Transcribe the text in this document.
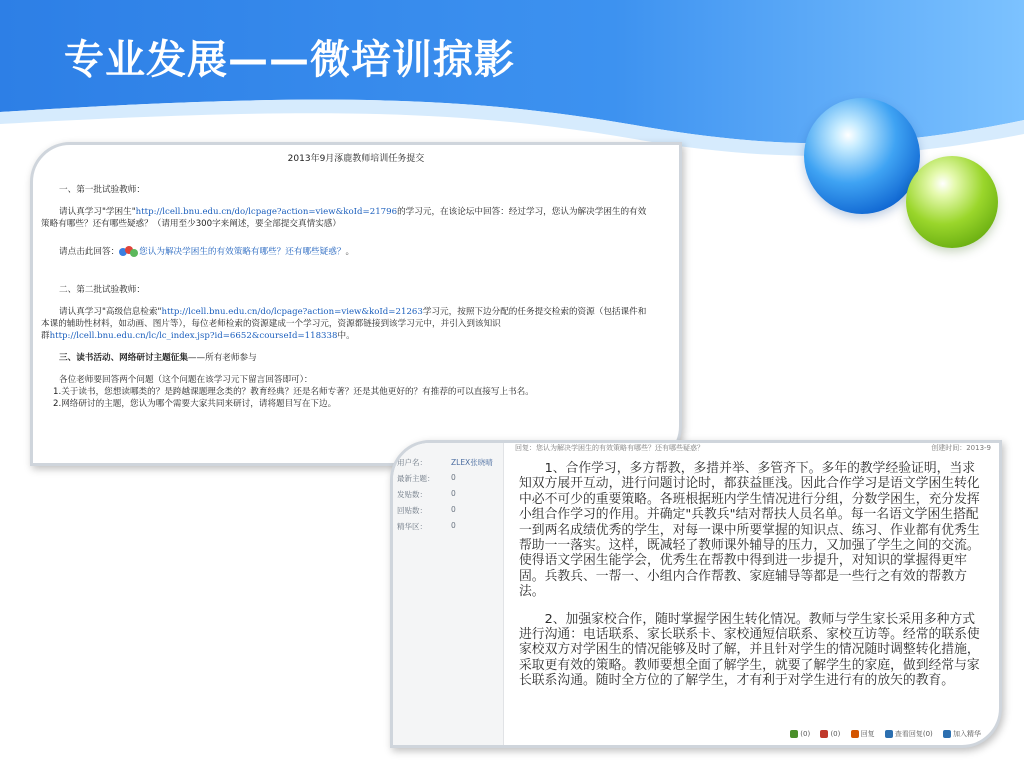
专业发展——微培训掠影
2013年9月涿鹿教师培训任务提交

一、第一批试验教师：

请认真学习"学困生"http://lcell.bnu.edu.cn/do/lcpage?action=view&koId=21796的学习元，在该论坛中回答：经过学习，您认为解决学困生的有效

策略有哪些？还有哪些疑惑？（请用至少300字来阐述，要全部提交真情实感）

请点击此回答： 您认为解决学困生的有效策略有哪些？还有哪些疑惑？。

二、第二批试验教师：

请认真学习"高级信息检索"http://lcell.bnu.edu.cn/do/lcpage?action=view&koId=21263学习元，按照下边分配的任务提交检索的资源（包括课件和

本课的辅助性材料，如动画、图片等），每位老师检索的资源建成一个学习元，资源都链接到该学习元中，并引入到该知识

群http://lcell.bnu.edu.cn/lc/lc_index.jsp?id=6652&courseId=118338中。

三、读书活动、网络研讨主题征集——所有老师参与

各位老师要回答两个问题（这个问题在该学习元下留言回答即可）：

1.关于读书，您想读哪类的？是跨越课题理念类的？教育经典？还是名师专著？还是其他更好的？有推荐的可以直接写上书名。

2.网络研讨的主题，您认为哪个需要大家共同来研讨，请将题目写在下边。

用户名：	ZLEX张晓晴
最新主题： 0
发贴数：	0
回贴数：	0
精华区：	0
回复：您认为解决学困生的有效策略有哪些？还有哪些疑惑？	创建时间：2013-9

1、合作学习，多方帮教，多措并举、多管齐下。多年的教学经验证明，当求知双方展开互动，进行问题讨论时，都获益匪浅。因此合作学习是语文学困生转化中必不可少的重要策略。各班根据班内学生情况进行分组，分数学困生，充分发挥小组合作学习的作用。并确定"兵教兵"结对帮扶人员名单。每一名语文学困生搭配一到两名成绩优秀的学生，对每一课中所要掌握的知识点、练习、作业都有优秀生帮助一一落实。这样，既减轻了教师课外辅导的压力，又加强了学生之间的交流。使得语文学困生能学会，优秀生在帮教中得到进一步提升，对知识的掌握得更牢固。兵教兵、一帮一、小组内合作帮教、家庭辅导等都是一些行之有效的帮教方法。

2、加强家校合作，随时掌握学困生转化情况。教师与学生家长采用多种方式进行沟通：电话联系、家长联系卡、家校通短信联系、家校互访等。经常的联系使家校双方对学困生的情况能够及时了解，并且针对学生的情况随时调整转化措施，采取更有效的策略。教师要想全面了解学生，就要了解学生的家庭，做到经常与家长联系沟通。随时全方位的了解学生，才有利于对学生进行有的放矢的教育。

(0)	(0)	回复	查看回复(0)	加入精华
